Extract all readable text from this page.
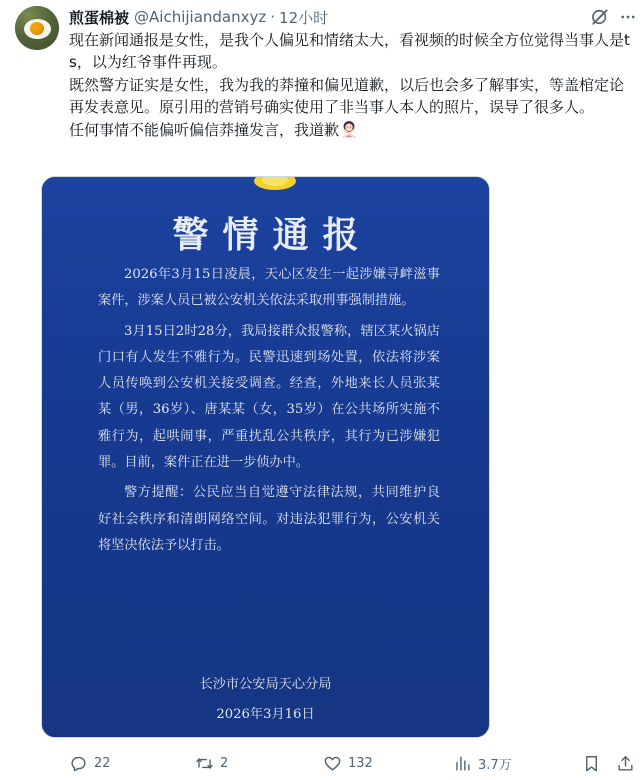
煎蛋棉被 @Aichijiandanxyz · 12小时
现在新闻通报是女性，是我个人偏见和情绪太大，看视频的时候全方位觉得当事人是ts，以为红爷事件再现。
既然警方证实是女性，我为我的莽撞和偏见道歉，以后也会多了解事实，等盖棺定论再发表意见。原引用的营销号确实使用了非当事人本人的照片，误导了很多人。
任何事情不能偏听偏信莽撞发言，我道歉
警情通报

2026年3月15日凌晨，天心区发生一起涉嫌寻衅滋事案件，涉案人员已被公安机关依法采取刑事强制措施。

3月15日2时28分，我局接群众报警称，辖区某火锅店门口有人发生不雅行为。民警迅速到场处置，依法将涉案人员传唤到公安机关接受调查。经查，外地来长人员张某某（男，36岁）、唐某某（女，35岁）在公共场所实施不雅行为，起哄闹事，严重扰乱公共秩序，其行为已涉嫌犯罪。目前，案件正在进一步侦办中。

警方提醒：公民应当自觉遵守法律法规，共同维护良好社会秩序和清朗网络空间。对违法犯罪行为，公安机关将坚决依法予以打击。

长沙市公安局天心分局
2026年3月16日
22	2	132	3.7万
